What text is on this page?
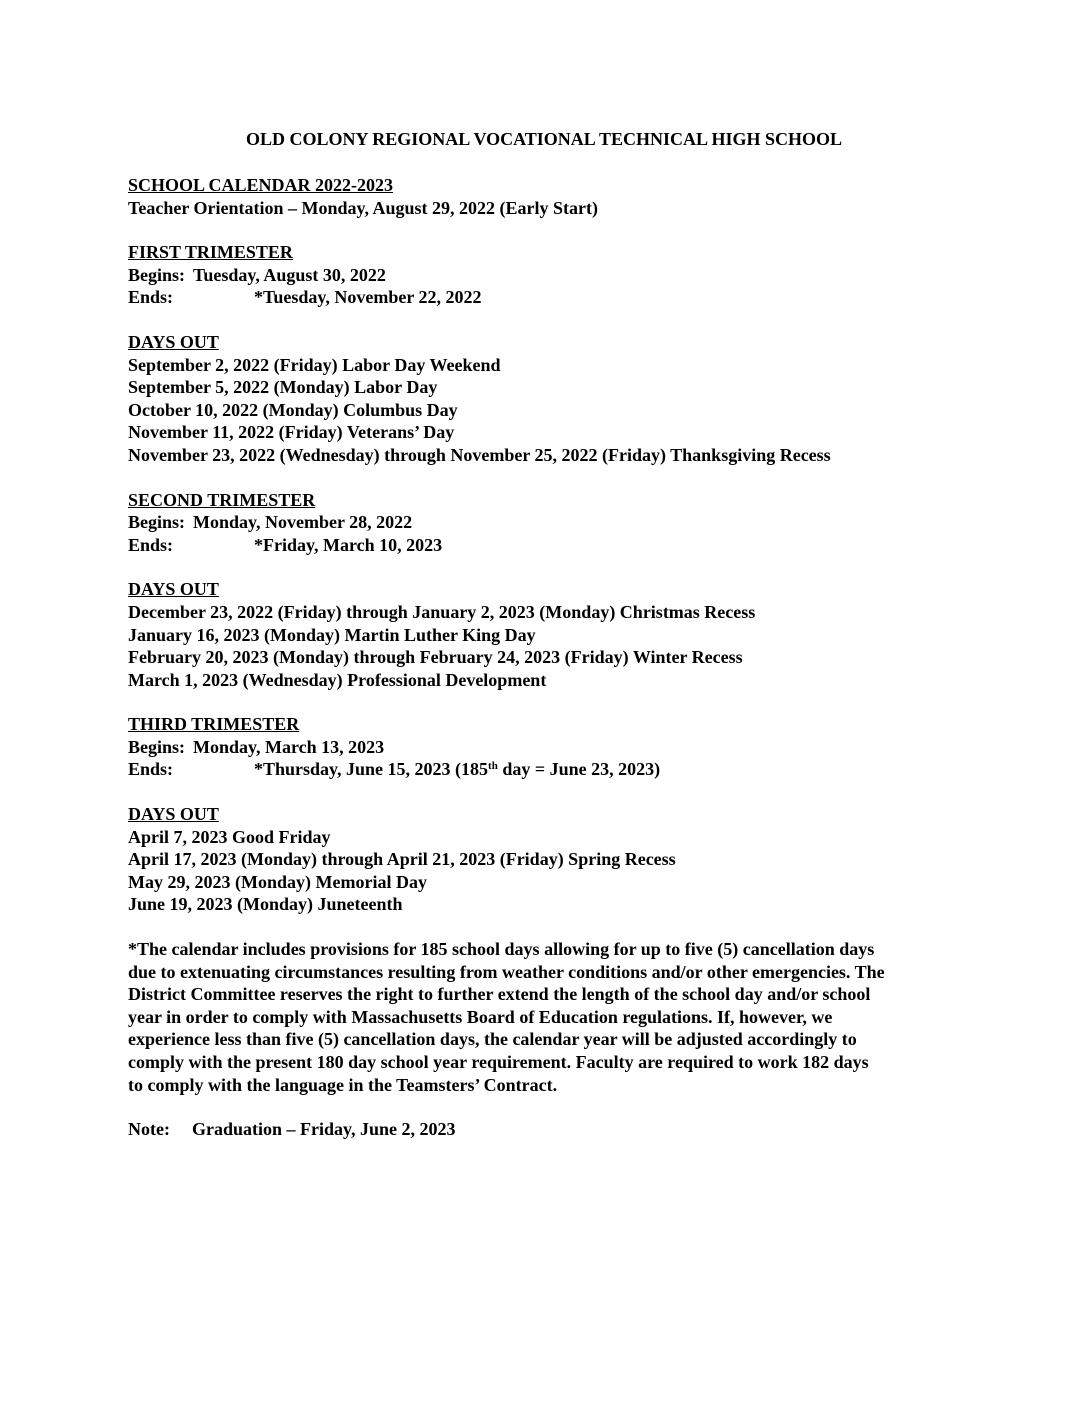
OLD COLONY REGIONAL VOCATIONAL TECHNICAL HIGH SCHOOL
SCHOOL CALENDAR 2022-2023
Teacher Orientation – Monday, August 29, 2022 (Early Start)
FIRST TRIMESTER
Begins: Tuesday, August 30, 2022
Ends:	*Tuesday, November 22, 2022
DAYS OUT
September 2, 2022 (Friday) Labor Day Weekend
September 5, 2022 (Monday) Labor Day
October 10, 2022 (Monday) Columbus Day
November 11, 2022 (Friday) Veterans’ Day
November 23, 2022 (Wednesday) through November 25, 2022 (Friday) Thanksgiving Recess
SECOND TRIMESTER
Begins: Monday, November 28, 2022
Ends:	*Friday, March 10, 2023
DAYS OUT
December 23, 2022 (Friday) through January 2, 2023 (Monday) Christmas Recess
January 16, 2023 (Monday) Martin Luther King Day
February 20, 2023 (Monday) through February 24, 2023 (Friday) Winter Recess
March 1, 2023 (Wednesday) Professional Development
THIRD TRIMESTER
Begins: Monday, March 13, 2023
Ends:	*Thursday, June 15, 2023 (185th day = June 23, 2023)
DAYS OUT
April 7, 2023 Good Friday
April 17, 2023 (Monday) through April 21, 2023 (Friday) Spring Recess
May 29, 2023 (Monday) Memorial Day
June 19, 2023 (Monday) Juneteenth
*The calendar includes provisions for 185 school days allowing for up to five (5) cancellation days
due to extenuating circumstances resulting from weather conditions and/or other emergencies. The
District Committee reserves the right to further extend the length of the school day and/or school
year in order to comply with Massachusetts Board of Education regulations. If, however, we
experience less than five (5) cancellation days, the calendar year will be adjusted accordingly to
comply with the present 180 day school year requirement. Faculty are required to work 182 days
to comply with the language in the Teamsters’ Contract.
Note: Graduation – Friday, June 2, 2023
